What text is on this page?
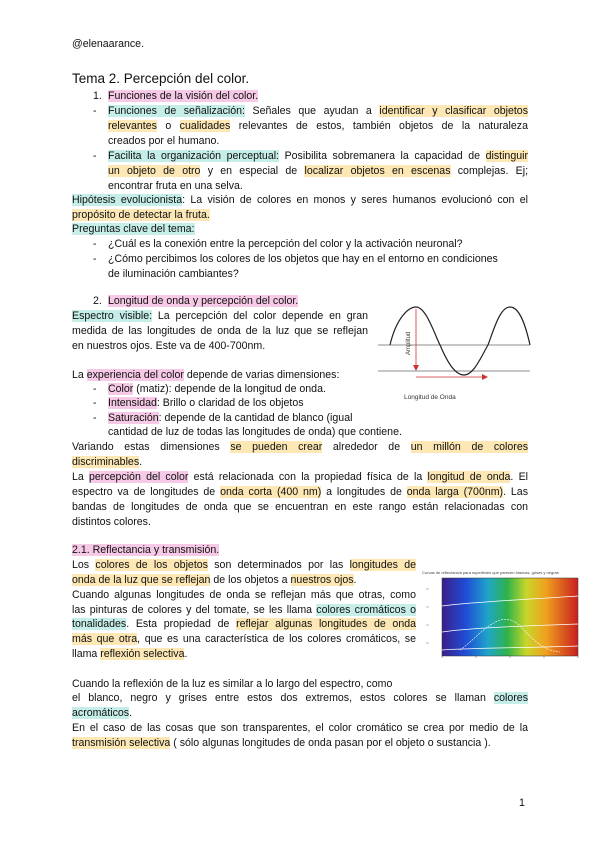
@elenaarance.
Tema 2. Percepción del color.
1. Funciones de la visión del color.
- Funciones de señalización: Señales que ayudan a identificar y clasificar objetos
relevantes o cualidades relevantes de estos, también objetos de la naturaleza
creados por el humano.
- Facilita la organización perceptual: Posibilita sobremanera la capacidad de distinguir
un objeto de otro y en especial de localizar objetos en escenas complejas. Ej;
encontrar fruta en una selva.
Hipótesis evolucionista: La visión de colores en monos y seres humanos evolucionó con el
propósito de detectar la fruta.
Preguntas clave del tema:
- ¿Cuál es la conexión entre la percepción del color y la activación neuronal?
- ¿Cómo percibimos los colores de los objetos que hay en el entorno en condiciones
de iluminación cambiantes?
2. Longitud de onda y percepción del color.
Espectro visible: La percepción del color depende en gran
medida de las longitudes de onda de la luz que se reflejan
en nuestros ojos. Este va de 400-700nm.	Amplitud
Longitud de Onda
La experiencia del color depende de varias dimensiones:
- Color (matiz): depende de la longitud de onda.
- Intensidad: Brillo o claridad de los objetos
- Saturación: depende de la cantidad de blanco (igual
cantidad de luz de todas las longitudes de onda) que contiene.
Variando estas dimensiones se pueden crear alrededor de un millón de colores
discriminables.
La percepción del color está relacionada con la propiedad física de la longitud de onda. El
espectro va de longitudes de onda corta (400 nm) a longitudes de onda larga (700nm). Las
bandas de longitudes de onda que se encuentran en este rango están relacionadas con
distintos colores.
2.1. Reflectancia y transmisión.
Los colores de los objetos son determinados por las longitudes de
onda de la luz que se reflejan de los objetos a nuestros ojos.
Cuando algunas longitudes de onda se reflejan más que otras, como
las pinturas de colores y del tomate, se les llama colores cromáticos o
tonalidades. Esta propiedad de reflejar algunas longitudes de onda
más que otra, que es una característica de los colores cromáticos, se
llama reflexión selectiva.
Curvas de reflectancia para superficies que parecen blancas, grises y negras
Cuando la reflexión de la luz es similar a lo largo del espectro, como
el blanco, negro y grises entre estos dos extremos, estos colores se llaman colores
acromáticos.
En el caso de las cosas que son transparentes, el color cromático se crea por medio de la
transmisión selectiva ( sólo algunas longitudes de onda pasan por el objeto o sustancia ).
1
